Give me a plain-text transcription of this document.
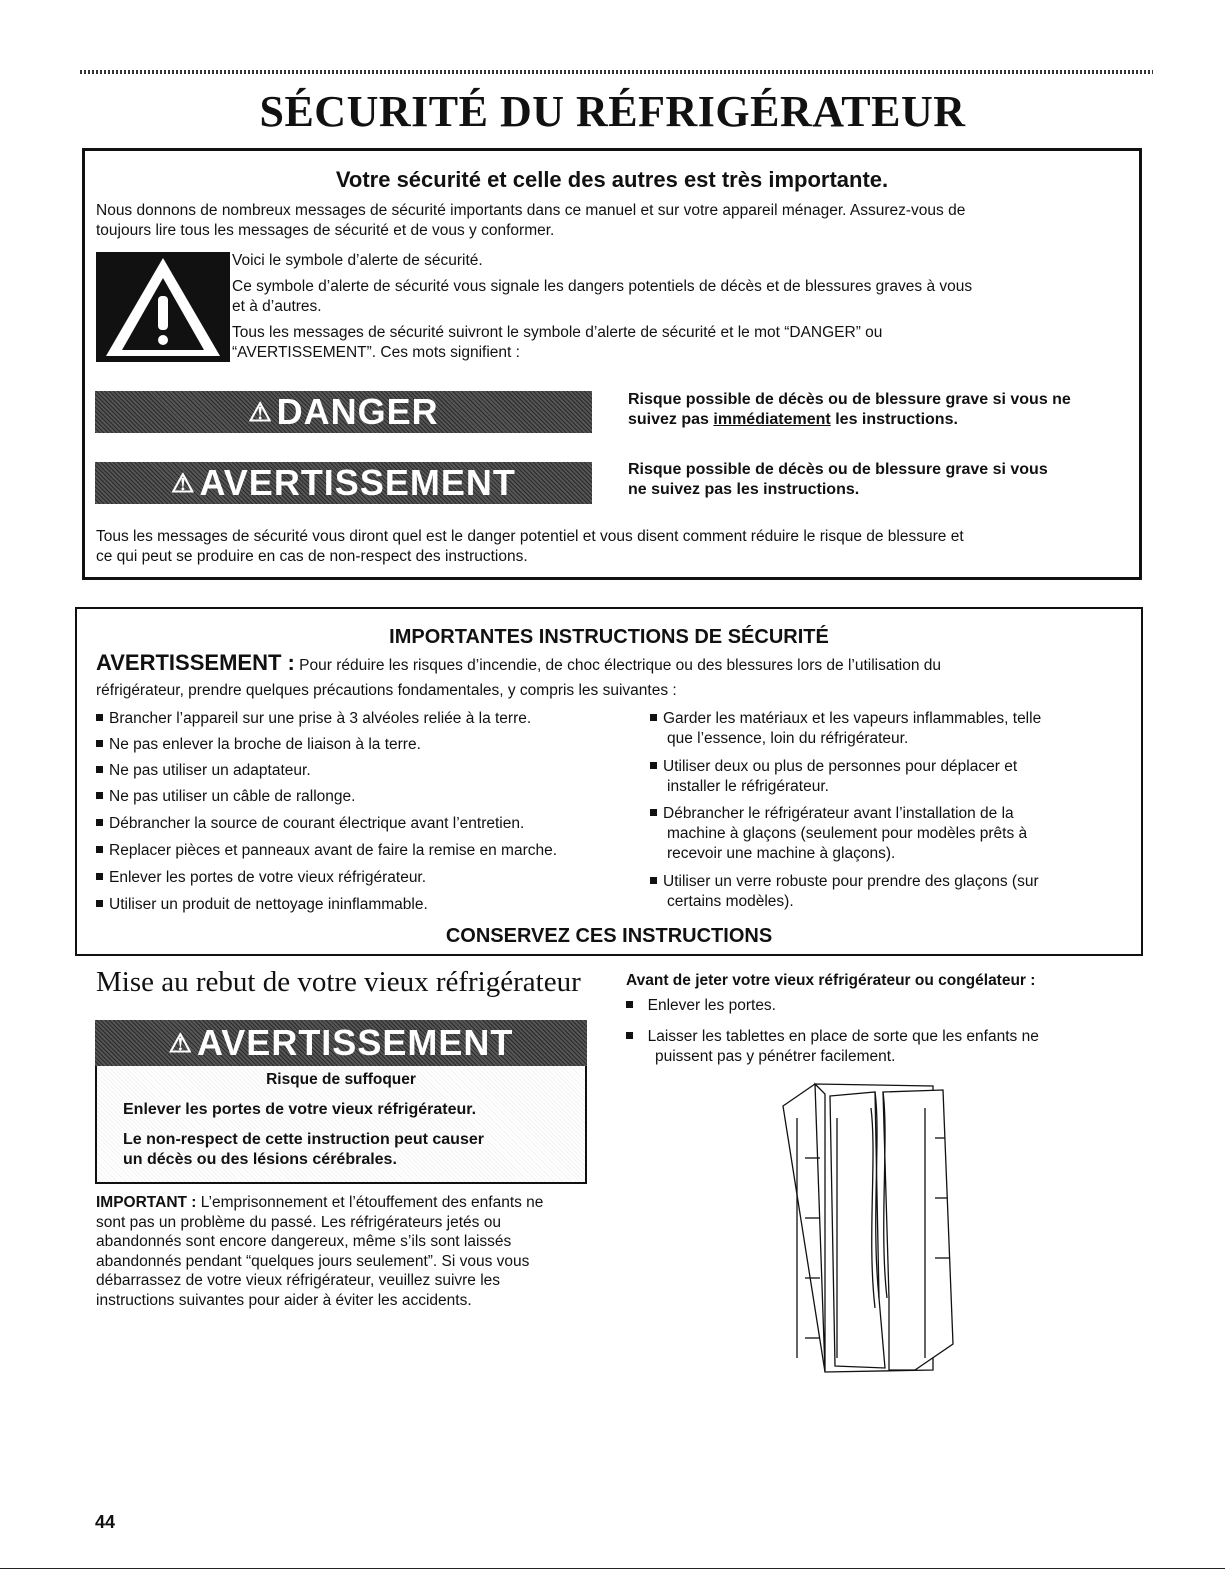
SÉCURITÉ DU RÉFRIGÉRATEUR
Votre sécurité et celle des autres est très importante.
Nous donnons de nombreux messages de sécurité importants dans ce manuel et sur votre appareil ménager. Assurez-vous de
toujours lire tous les messages de sécurité et de vous y conformer.
Voici le symbole d’alerte de sécurité.
Ce symbole d’alerte de sécurité vous signale les dangers potentiels de décès et de blessures graves à vous
et à d’autres.
Tous les messages de sécurité suivront le symbole d’alerte de sécurité et le mot “DANGER” ou
“AVERTISSEMENT”. Ces mots signifient :
⚠ DANGER	Risque possible de décès ou de blessure grave si vous ne
suivez pas immédiatement les instructions.
⚠ AVERTISSEMENT	Risque possible de décès ou de blessure grave si vous
ne suivez pas les instructions.
Tous les messages de sécurité vous diront quel est le danger potentiel et vous disent comment réduire le risque de blessure et
ce qui peut se produire en cas de non-respect des instructions.
IMPORTANTES INSTRUCTIONS DE SÉCURITÉ
AVERTISSEMENT : Pour réduire les risques d’incendie, de choc électrique ou des blessures lors de l’utilisation du
réfrigérateur, prendre quelques précautions fondamentales, y compris les suivantes :
Brancher l’appareil sur une prise à 3 alvéoles reliée à la terre.
Ne pas enlever la broche de liaison à la terre.
Ne pas utiliser un adaptateur.
Ne pas utiliser un câble de rallonge.
Débrancher la source de courant électrique avant l’entretien.
Replacer pièces et panneaux avant de faire la remise en marche.
Enlever les portes de votre vieux réfrigérateur.
Utiliser un produit de nettoyage ininflammable.
Garder les matériaux et les vapeurs inflammables, telle
que l’essence, loin du réfrigérateur.
Utiliser deux ou plus de personnes pour déplacer et
installer le réfrigérateur.
Débrancher le réfrigérateur avant l’installation de la
machine à glaçons (seulement pour modèles prêts à
recevoir une machine à glaçons).
Utiliser un verre robuste pour prendre des glaçons (sur
certains modèles).
CONSERVEZ CES INSTRUCTIONS
Mise au rebut de votre vieux réfrigérateur
⚠ AVERTISSEMENT
Risque de suffoquer
Enlever les portes de votre vieux réfrigérateur.
Le non-respect de cette instruction peut causer
un décès ou des lésions cérébrales.
IMPORTANT : L’emprisonnement et l’étouffement des enfants ne
sont pas un problème du passé. Les réfrigérateurs jetés ou
abandonnés sont encore dangereux, même s’ils sont laissés
abandonnés pendant “quelques jours seulement”. Si vous vous
débarrassez de votre vieux réfrigérateur, veuillez suivre les
instructions suivantes pour aider à éviter les accidents.
Avant de jeter votre vieux réfrigérateur ou congélateur :
Enlever les portes.
Laisser les tablettes en place de sorte que les enfants ne
puissent pas y pénétrer facilement.
44
